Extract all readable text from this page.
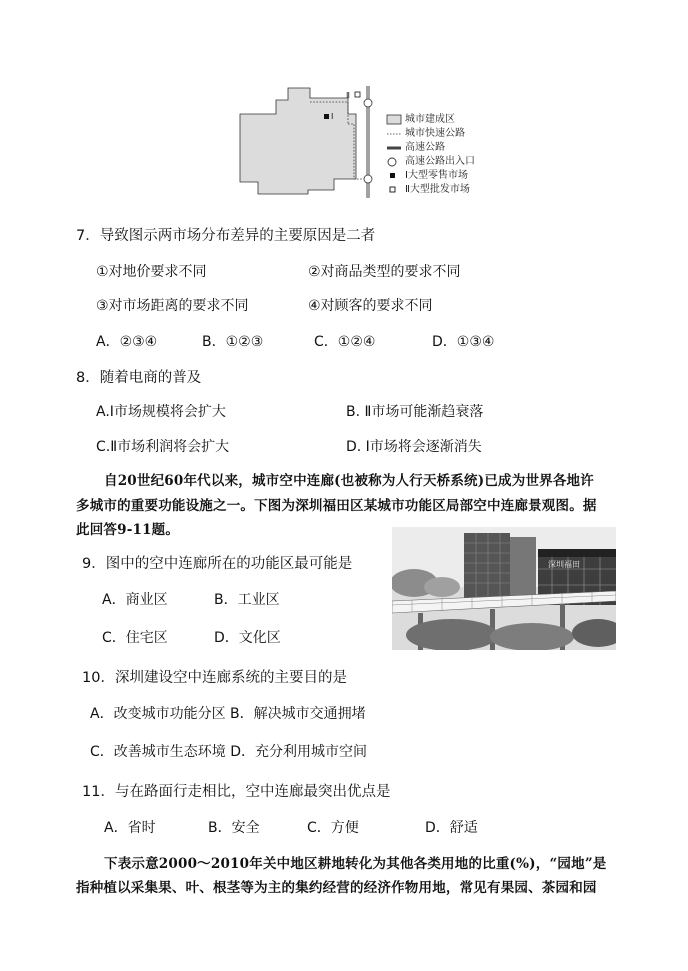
Ⅰ
Ⅱ
城市建成区
城市快速公路
高速公路
高速公路出入口
Ⅰ大型零售市场
Ⅱ大型批发市场
7．导致图示两市场分布差异的主要原因是二者
①对地价要求不同	②对商品类型的要求不同
③对市场距离的要求不同	④对顾客的要求不同
A．②③④	B．①②③	C．①②④	D．①③④
8．随着电商的普及
A.Ⅰ市场规模将会扩大	B. Ⅱ市场可能渐趋衰落
C.Ⅱ市场利润将会扩大	D. Ⅰ市场将会逐渐消失
自20世纪60年代以来，城市空中连廊(也被称为人行天桥系统)已成为世界各地许
多城市的重要功能设施之一。下图为深圳福田区某城市功能区局部空中连廊景观图。据
此回答9-11题。
深圳福田
9．图中的空中连廊所在的功能区最可能是
A．商业区	B．工业区
C．住宅区	D．文化区
10．深圳建设空中连廊系统的主要目的是
A．改变城市功能分区 B．解决城市交通拥堵
C．改善城市生态环境 D．充分利用城市空间
11．与在路面行走相比，空中连廊最突出优点是
A．省时	B．安全	C．方便	D．舒适
下表示意2000～2010年关中地区耕地转化为其他各类用地的比重(%)，“园地”是
指种植以采集果、叶、根茎等为主的集约经营的经济作物用地，常见有果园、茶园和园
